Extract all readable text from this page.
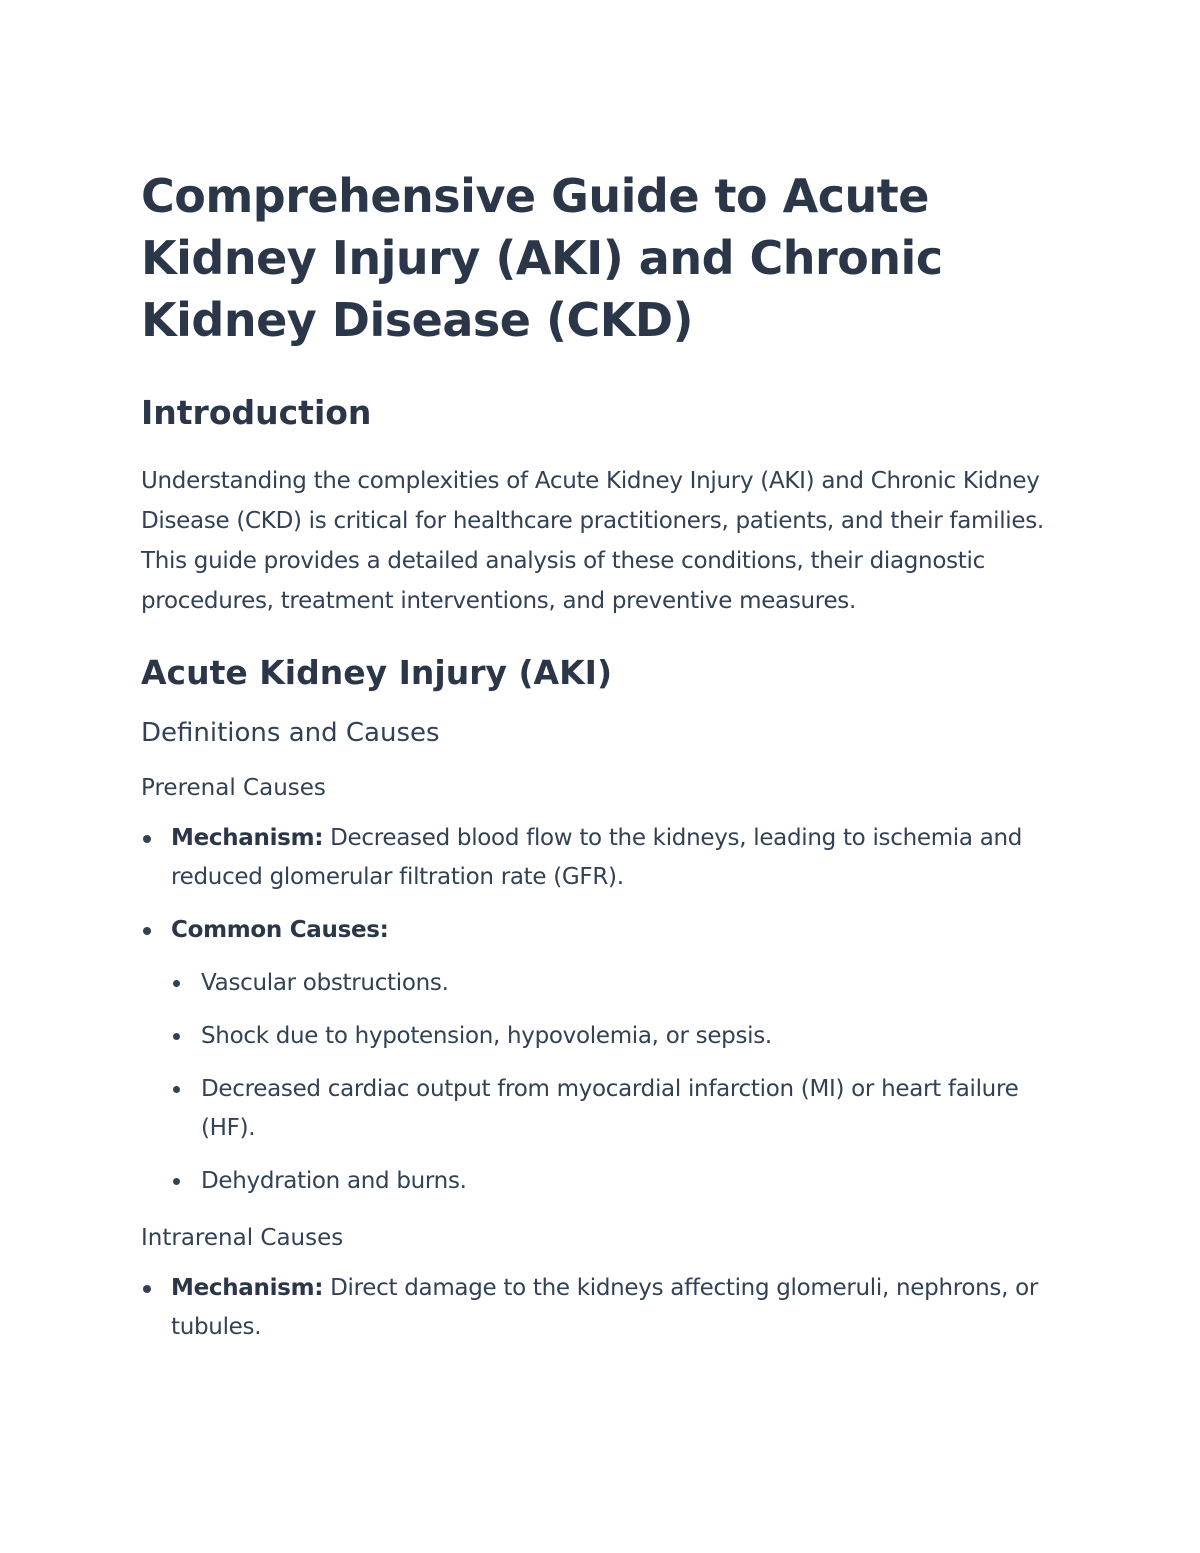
Comprehensive Guide to Acute Kidney Injury (AKI) and Chronic Kidney Disease (CKD)
Introduction

Understanding the complexities of Acute Kidney Injury (AKI) and Chronic Kidney Disease (CKD) is critical for healthcare practitioners, patients, and their families. This guide provides a detailed analysis of these conditions, their diagnostic procedures, treatment interventions, and preventive measures.

Acute Kidney Injury (AKI)
Definitions and Causes
Prerenal Causes
Mechanism: Decreased blood flow to the kidneys, leading to ischemia and reduced glomerular filtration rate (GFR).
Common Causes:
Vascular obstructions.
Shock due to hypotension, hypovolemia, or sepsis.
Decreased cardiac output from myocardial infarction (MI) or heart failure (HF).
Dehydration and burns.
Intrarenal Causes
Mechanism: Direct damage to the kidneys affecting glomeruli, nephrons, or tubules.
